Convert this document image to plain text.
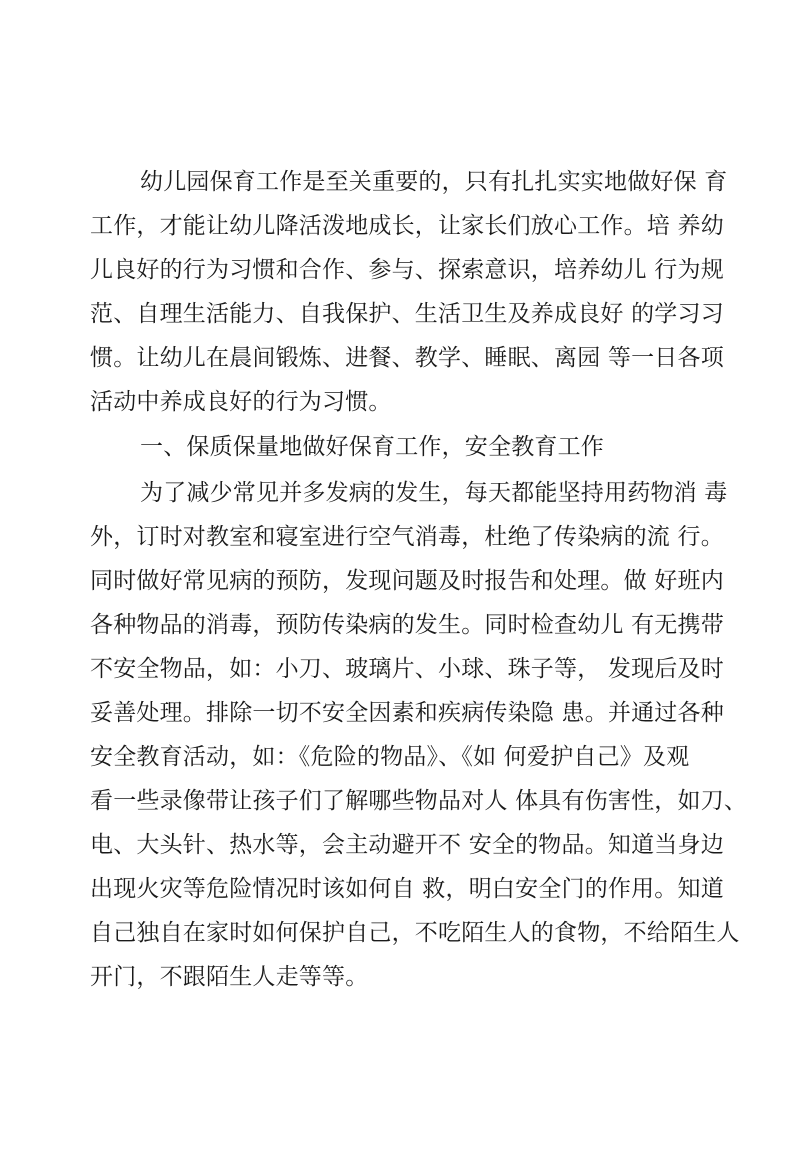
幼儿园保育工作是至关重要的，只有扎扎实实地做好保 育
工作，才能让幼儿降活泼地成长，让家长们放心工作。培 养幼
儿良好的行为习惯和合作、参与、探索意识，培养幼儿 行为规
范、自理生活能力、自我保护、生活卫生及养成良好 的学习习
惯。让幼儿在晨间锻炼、进餐、教学、睡眠、离园 等一日各项
活动中养成良好的行为习惯。
一、保质保量地做好保育工作，安全教育工作
为了减少常见并多发病的发生，每天都能坚持用药物消 毒
外，订时对教室和寝室进行空气消毒，杜绝了传染病的流 行。
同时做好常见病的预防，发现问题及时报告和处理。做 好班内
各种物品的消毒，预防传染病的发生。同时检查幼儿 有无携带
不安全物品，如：小刀、玻璃片、小球、珠子等， 发现后及时
妥善处理。排除一切不安全因素和疾病传染隐 患。并通过各种
安全教育活动，如：《危险的物品》、《如 何爱护自己》及观
看一些录像带让孩子们了解哪些物品对人 体具有伤害性，如刀、
电、大头针、热水等，会主动避开不 安全的物品。知道当身边
出现火灾等危险情况时该如何自 救，明白安全门的作用。知道
自己独自在家时如何保护自己，不吃陌生人的食物，不给陌生人
开门，不跟陌生人走等等。
